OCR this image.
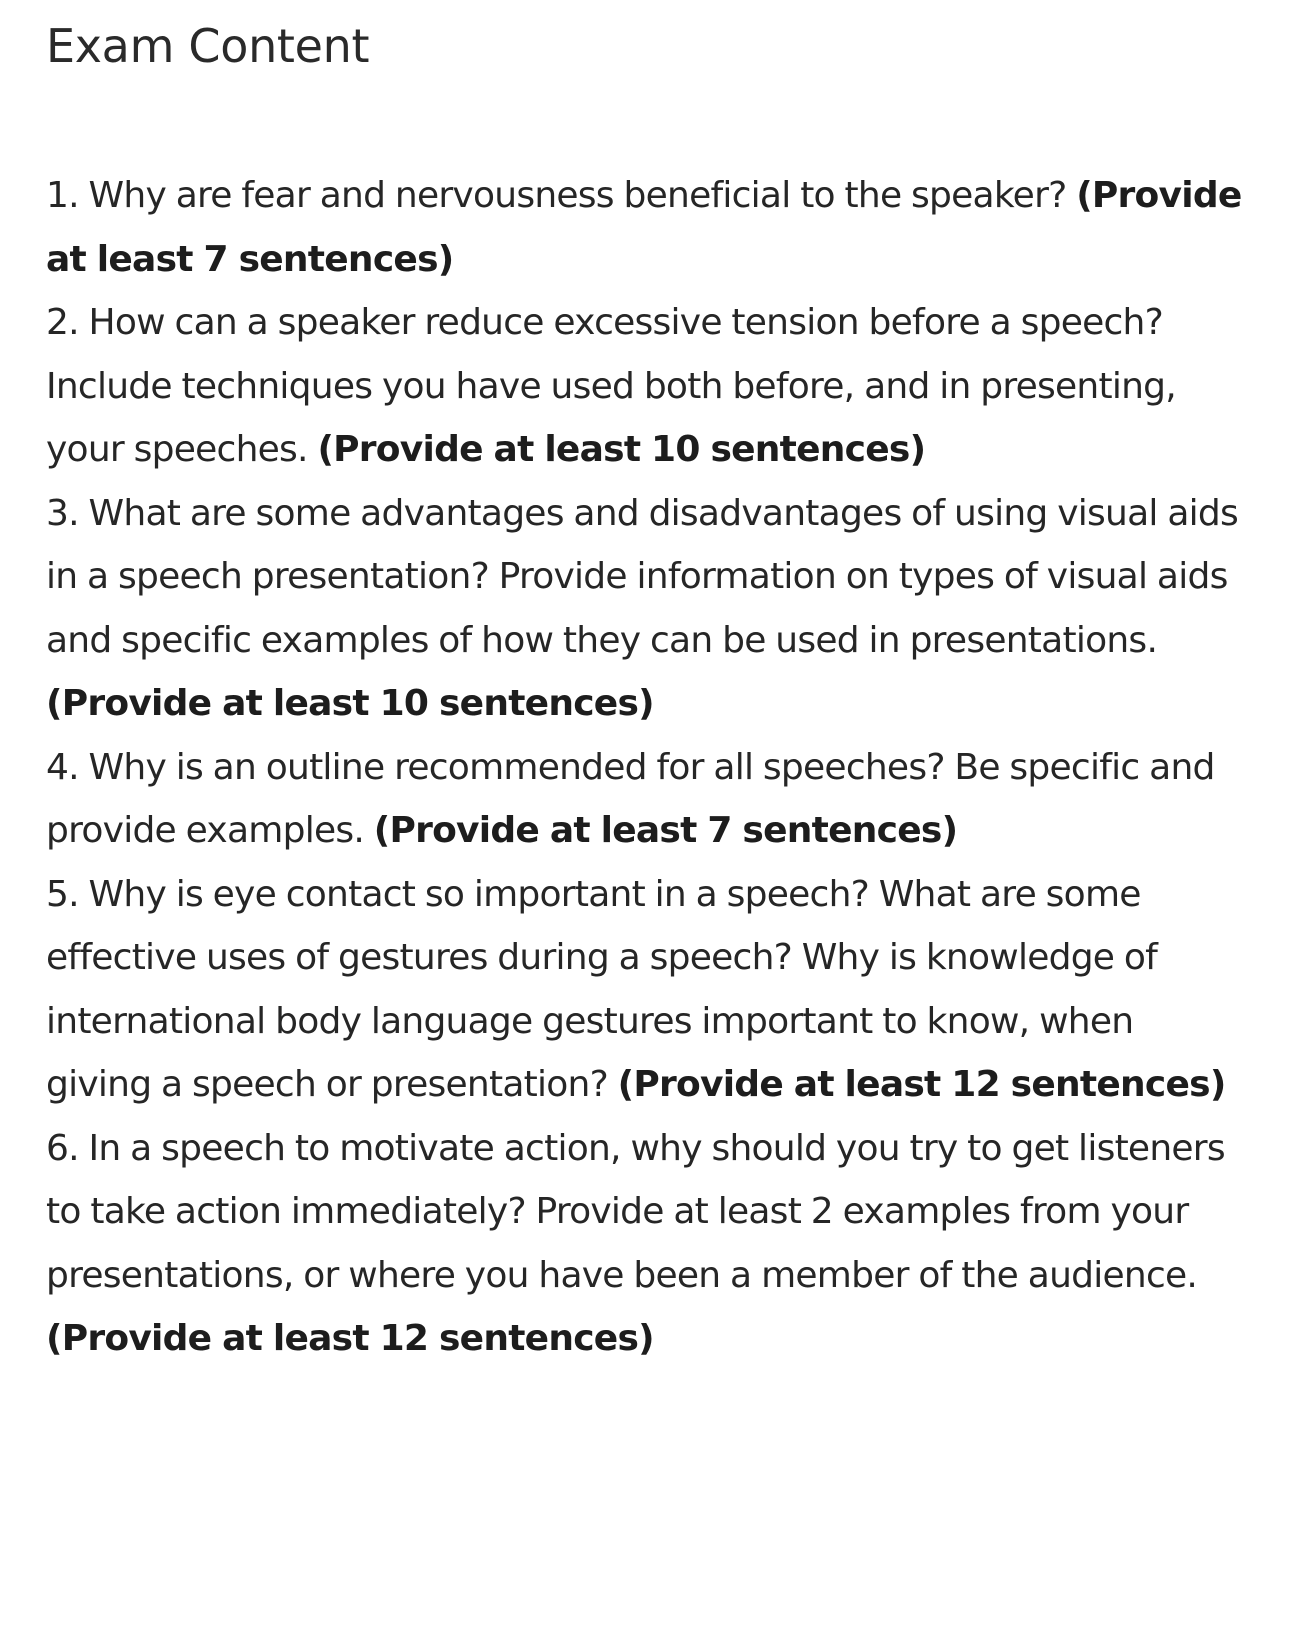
Exam Content

1. Why are fear and nervousness beneficial to the speaker? (Provide at least 7 sentences)

2. How can a speaker reduce excessive tension before a speech? Include techniques you have used both before, and in presenting, your speeches. (Provide at least 10 sentences)

3. What are some advantages and disadvantages of using visual aids in a speech presentation? Provide information on types of visual aids and specific examples of how they can be used in presentations. (Provide at least 10 sentences)

4. Why is an outline recommended for all speeches? Be specific and provide examples. (Provide at least 7 sentences)

5. Why is eye contact so important in a speech? What are some effective uses of gestures during a speech? Why is knowledge of international body language gestures important to know, when giving a speech or presentation? (Provide at least 12 sentences)

6. In a speech to motivate action, why should you try to get listeners to take action immediately? Provide at least 2 examples from your presentations, or where you have been a member of the audience. (Provide at least 12 sentences)
